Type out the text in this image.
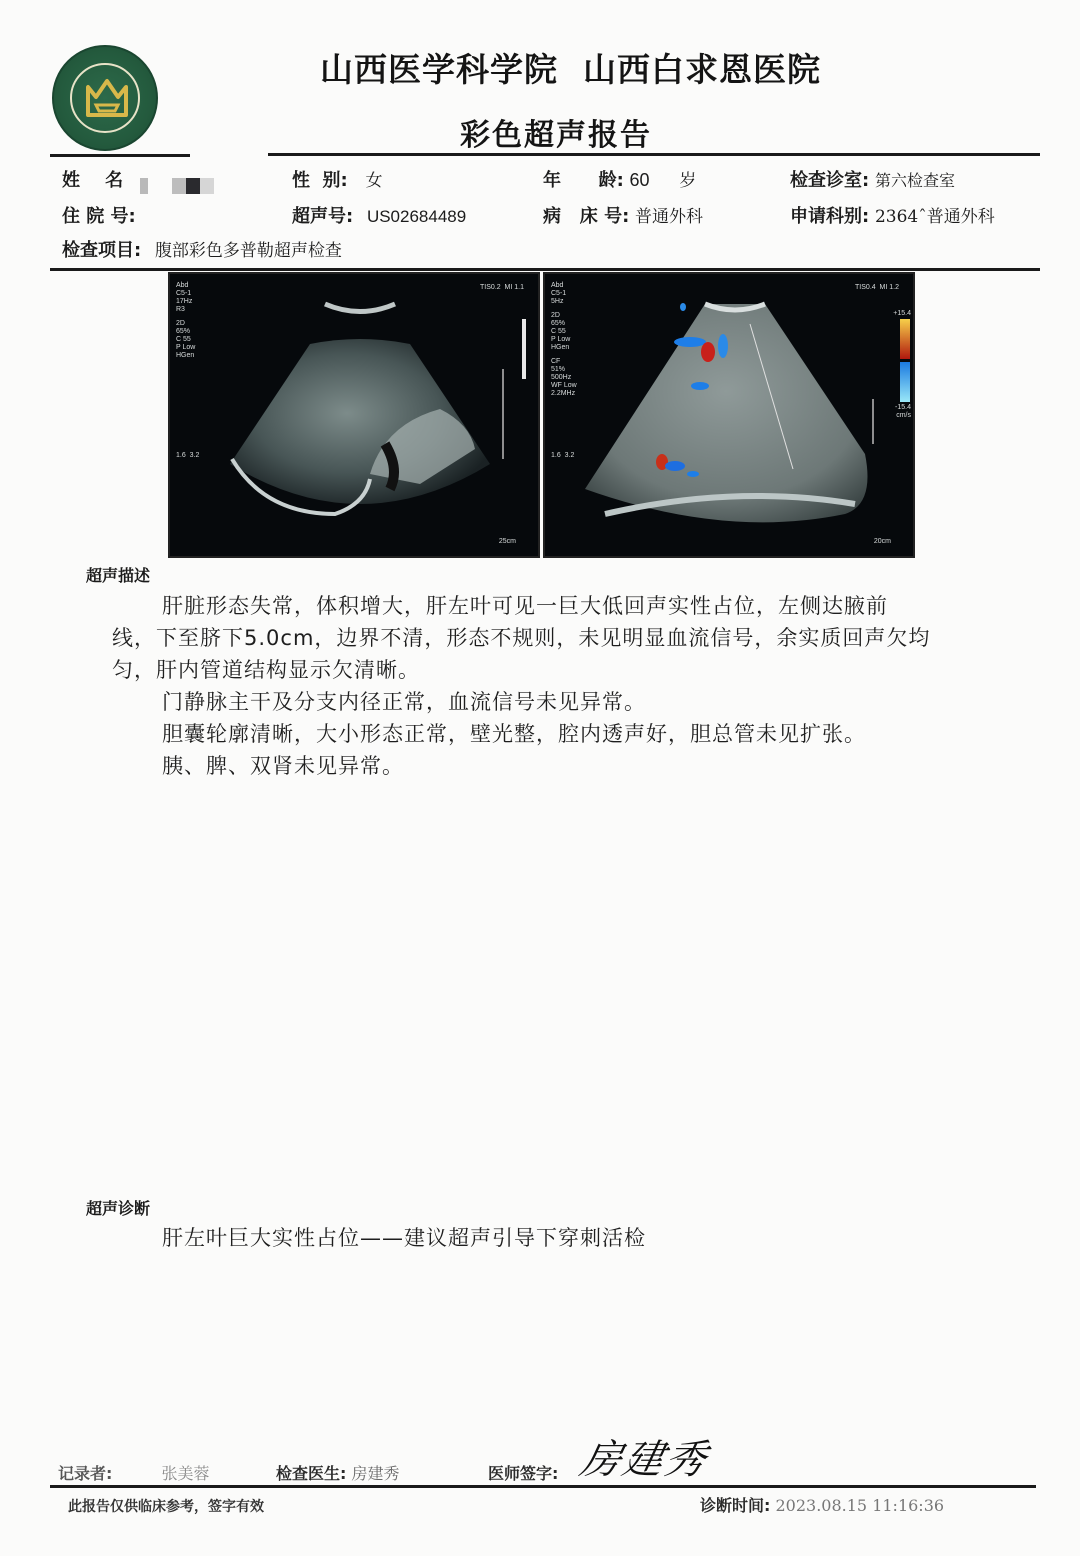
山西医学科学院  山西白求恩医院
彩色超声报告
姓    名	性  别: 女	年      龄: 60 岁	检查诊室: 第六检查室
住 院 号:	超声号: US02684489	病   床 号: 普通外科	申请科别: 2364ˆ普通外科
检查项目: 腹部彩色多普勒超声检查
Abd
C5-1
17Hz
R3
2D
65%
C 55
P Low
HGen
TIS0.2  MI 1.1
1.6  3.2
25cm
Abd
C5-1
5Hz
2D
65%
C 55
P Low
HGen
CF
51%
500Hz
WF Low
2.2MHz
TIS0.4  MI 1.2
+15.4
-15.4
cm/s
1.6  3.2
20cm
超声描述
肝脏形态失常，体积增大，肝左叶可见一巨大低回声实性占位，左侧达腋前
线，下至脐下5.0cm，边界不清，形态不规则，未见明显血流信号，余实质回声欠均
匀，肝内管道结构显示欠清晰。
门静脉主干及分支内径正常，血流信号未见异常。
胆囊轮廓清晰，大小形态正常，壁光整，腔内透声好，胆总管未见扩张。
胰、脾、双肾未见异常。
超声诊断
肝左叶巨大实性占位——建议超声引导下穿刺活检
记录者:	张美蓉	检查医生: 房建秀	医师签字: 房建秀
此报告仅供临床参考，签字有效	诊断时间: 2023.08.15 11:16:36
